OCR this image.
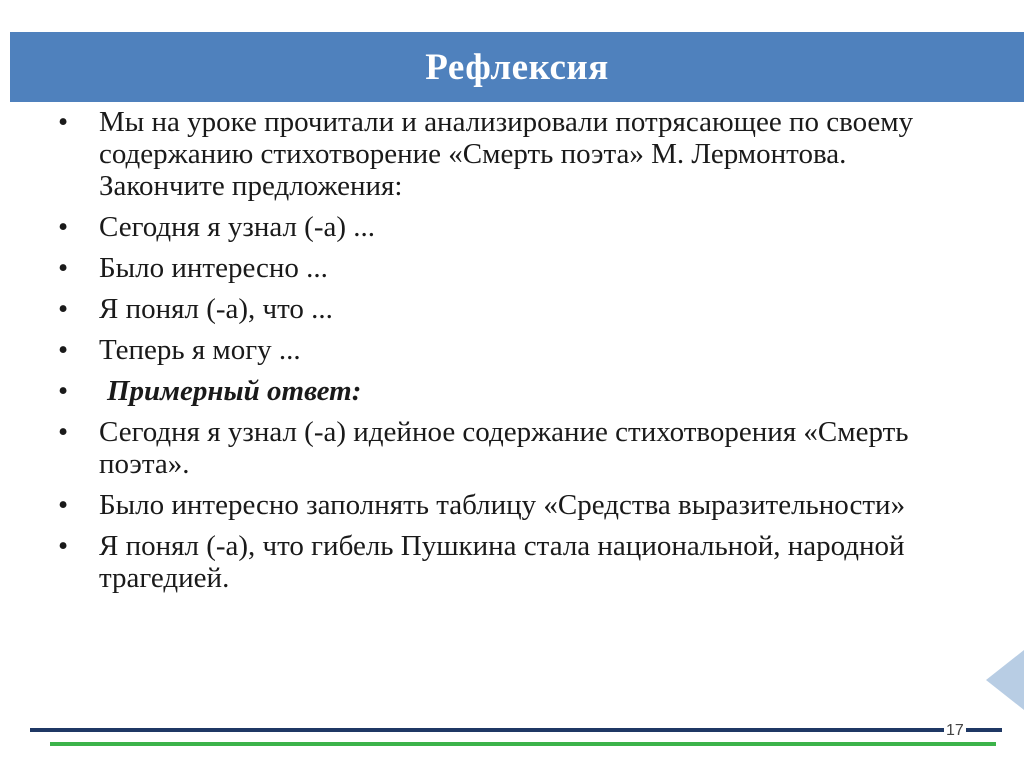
Рефлексия
• Мы на уроке прочитали и анализировали потрясающее по своему содержанию стихотворение «Смерть поэта» М. Лермонтова. Закончите предложения:
• Сегодня я узнал (-а) ...
• Было интересно ...
• Я понял (-а), что ...
• Теперь я могу ...
• Примерный ответ:
• Сегодня я узнал (-а) идейное содержание стихотворения «Смерть поэта».
• Было интересно заполнять таблицу «Средства выразительности»
• Я понял (-а), что гибель Пушкина стала национальной, народной трагедией.
17
